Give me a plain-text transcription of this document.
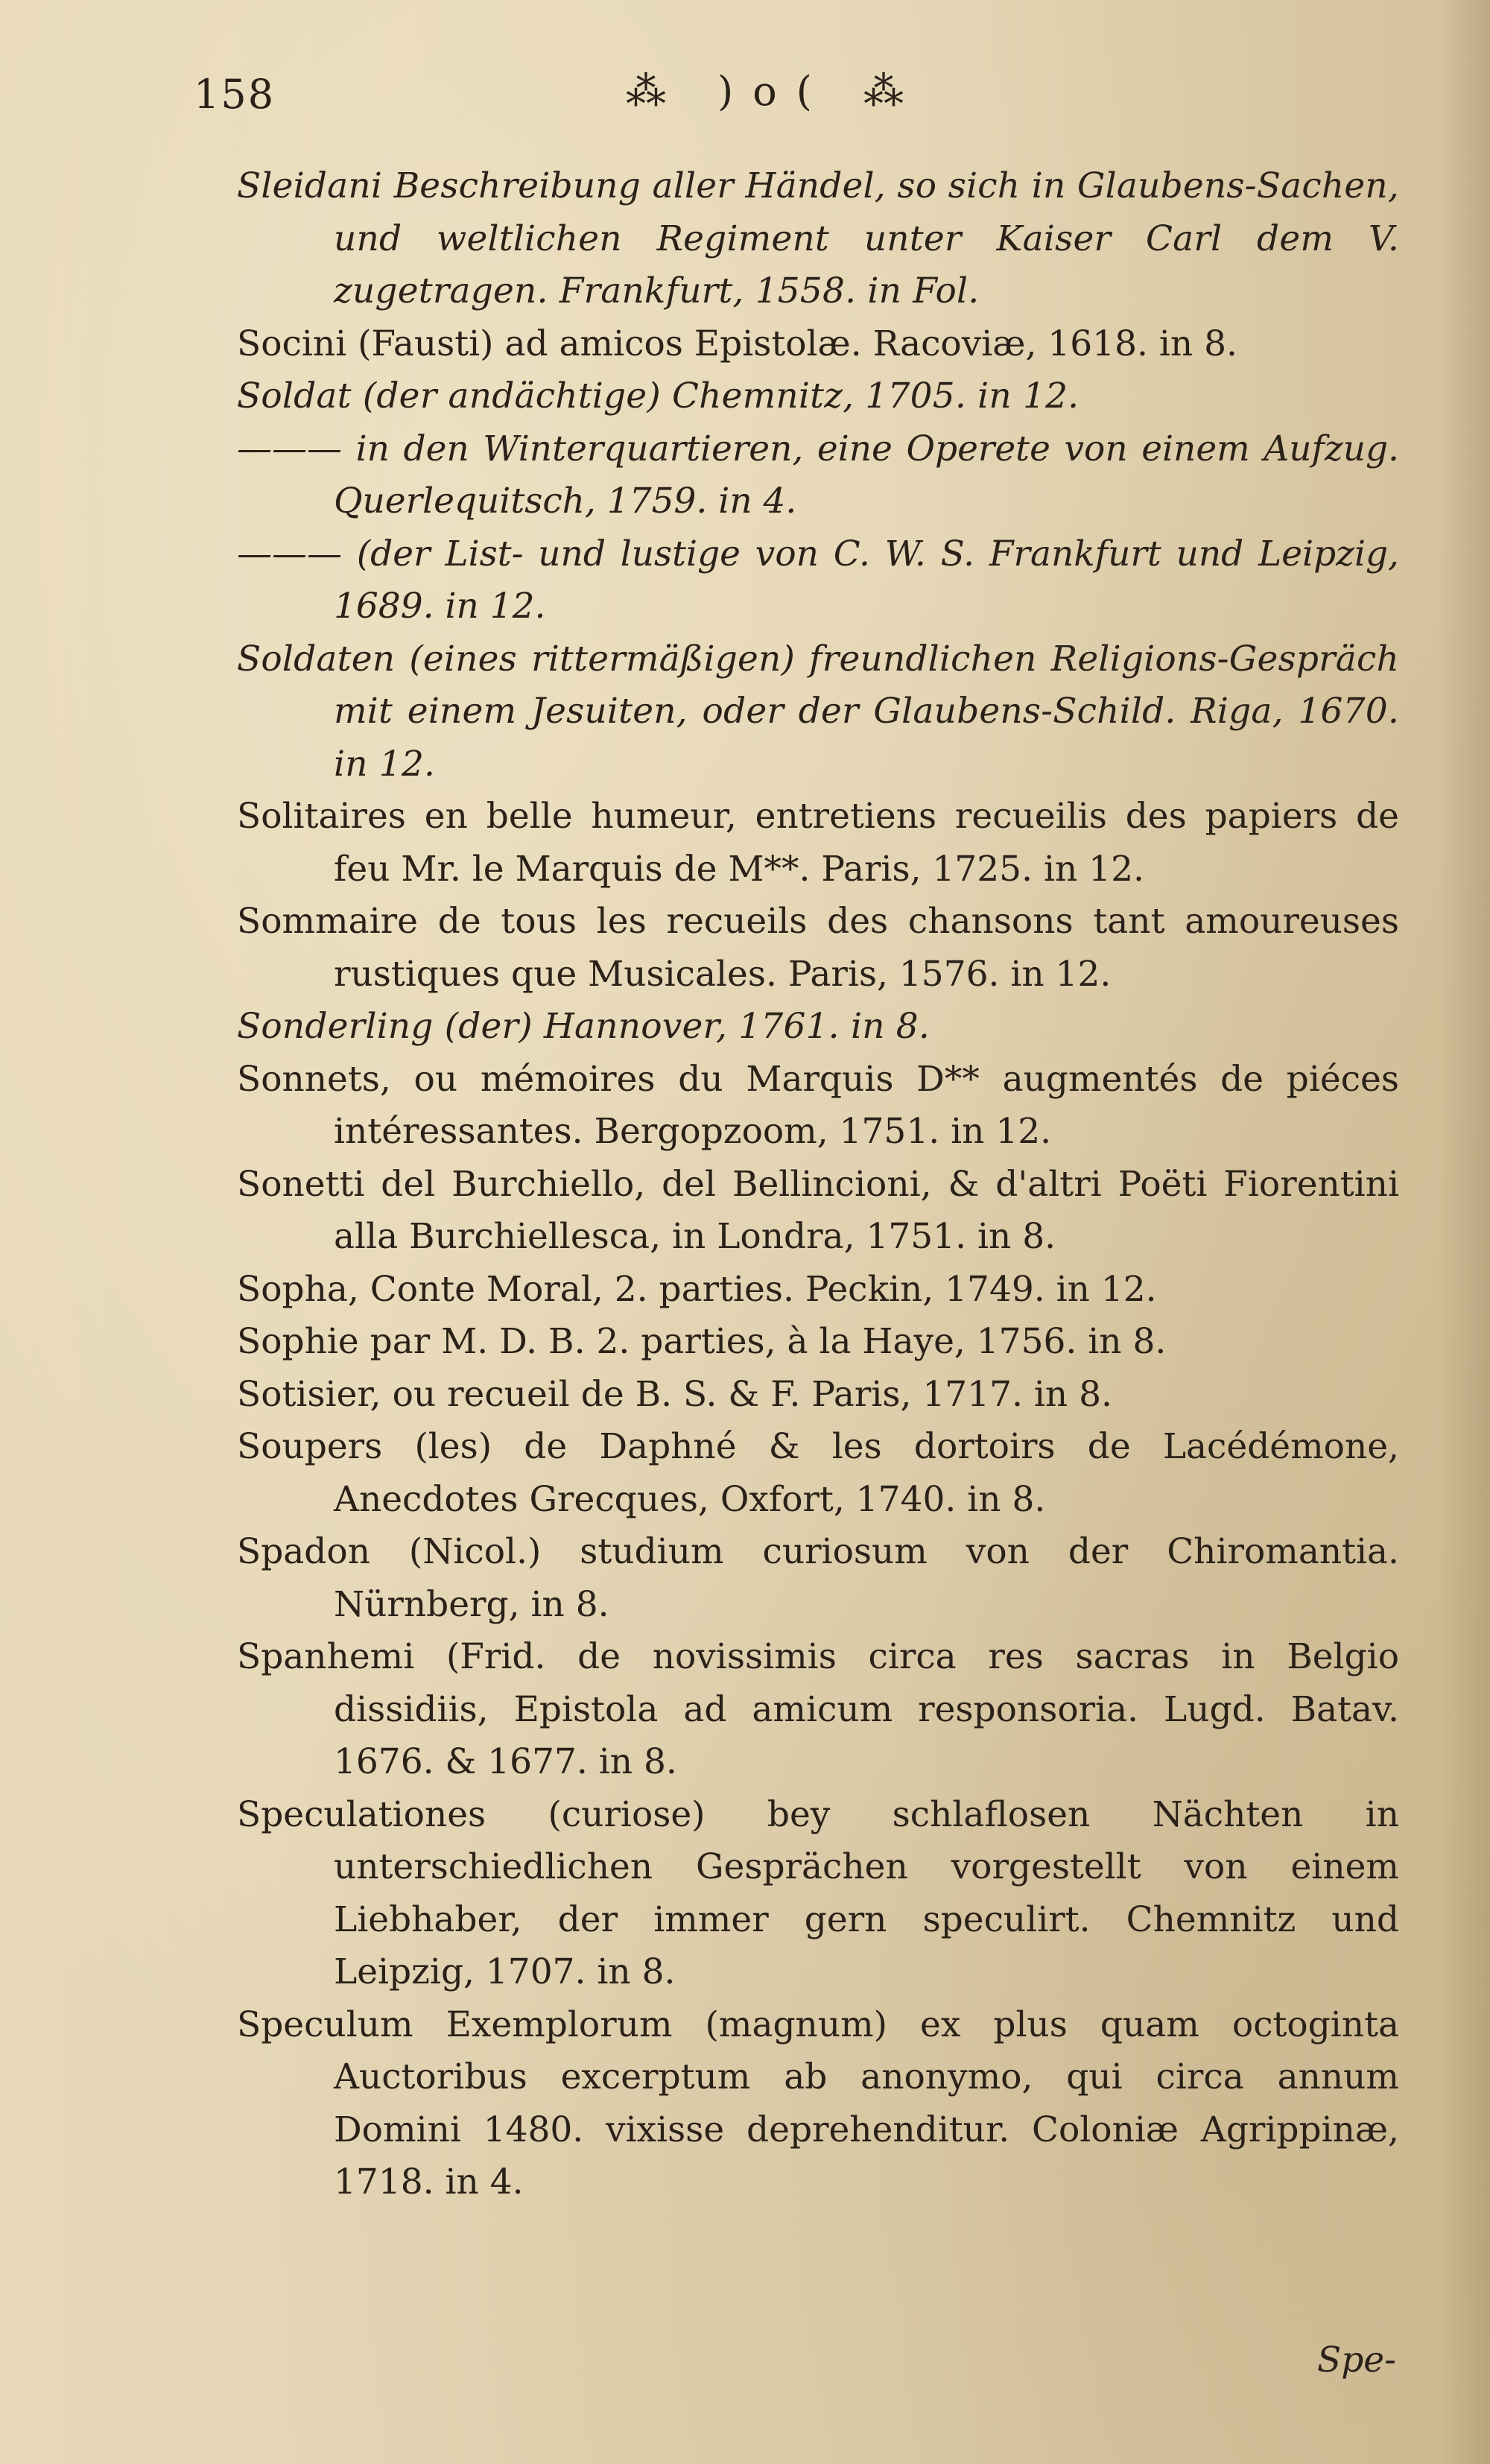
158	⁂ )o( ⁂
Sleidani Beschreibung aller Händel, so sich in Glaubens-Sachen, und weltlichen Regiment unter Kaiser Carl dem V. zugetragen. Frankfurt, 1558. in Fol.
Socini (Fausti) ad amicos Epistolæ. Racoviæ, 1618. in 8.
Soldat (der andächtige) Chemnitz, 1705. in 12.
——— in den Winterquartieren, eine Operete von einem Aufzug. Querlequitsch, 1759. in 4.
——— (der List- und lustige von C. W. S. Frankfurt und Leipzig, 1689. in 12.
Soldaten (eines rittermäßigen) freundlichen Religions-Gespräch mit einem Jesuiten, oder der Glaubens-Schild. Riga, 1670. in 12.
Solitaires en belle humeur, entretiens recueilis des papiers de feu Mr. le Marquis de M**. Paris, 1725. in 12.
Sommaire de tous les recueils des chansons tant amoureuses rustiques que Musicales. Paris, 1576. in 12.
Sonderling (der) Hannover, 1761. in 8.
Sonnets, ou mémoires du Marquis D** augmentés de piéces intéressantes. Bergopzoom, 1751. in 12.
Sonetti del Burchiello, del Bellincioni, & d'altri Poëti Fiorentini alla Burchiellesca, in Londra, 1751. in 8.
Sopha, Conte Moral, 2. parties. Peckin, 1749. in 12.
Sophie par M. D. B. 2. parties, à la Haye, 1756. in 8.
Sotisier, ou recueil de B. S. & F. Paris, 1717. in 8.
Soupers (les) de Daphné & les dortoirs de Lacédémone, Anecdotes Grecques, Oxfort, 1740. in 8.
Spadon (Nicol.) studium curiosum von der Chiromantia. Nürnberg, in 8.
Spanhemi (Frid. de novissimis circa res sacras in Belgio dissidiis, Epistola ad amicum responsoria. Lugd. Batav. 1676. & 1677. in 8.
Speculationes (curiose) bey schlaflosen Nächten in unterschiedlichen Gesprächen vorgestellt von einem Liebhaber, der immer gern speculirt. Chemnitz und Leipzig, 1707. in 8.
Speculum Exemplorum (magnum) ex plus quam octoginta Auctoribus excerptum ab anonymo, qui circa annum Domini 1480. vixisse deprehenditur. Coloniæ Agrippinæ, 1718. in 4.
Spe-
